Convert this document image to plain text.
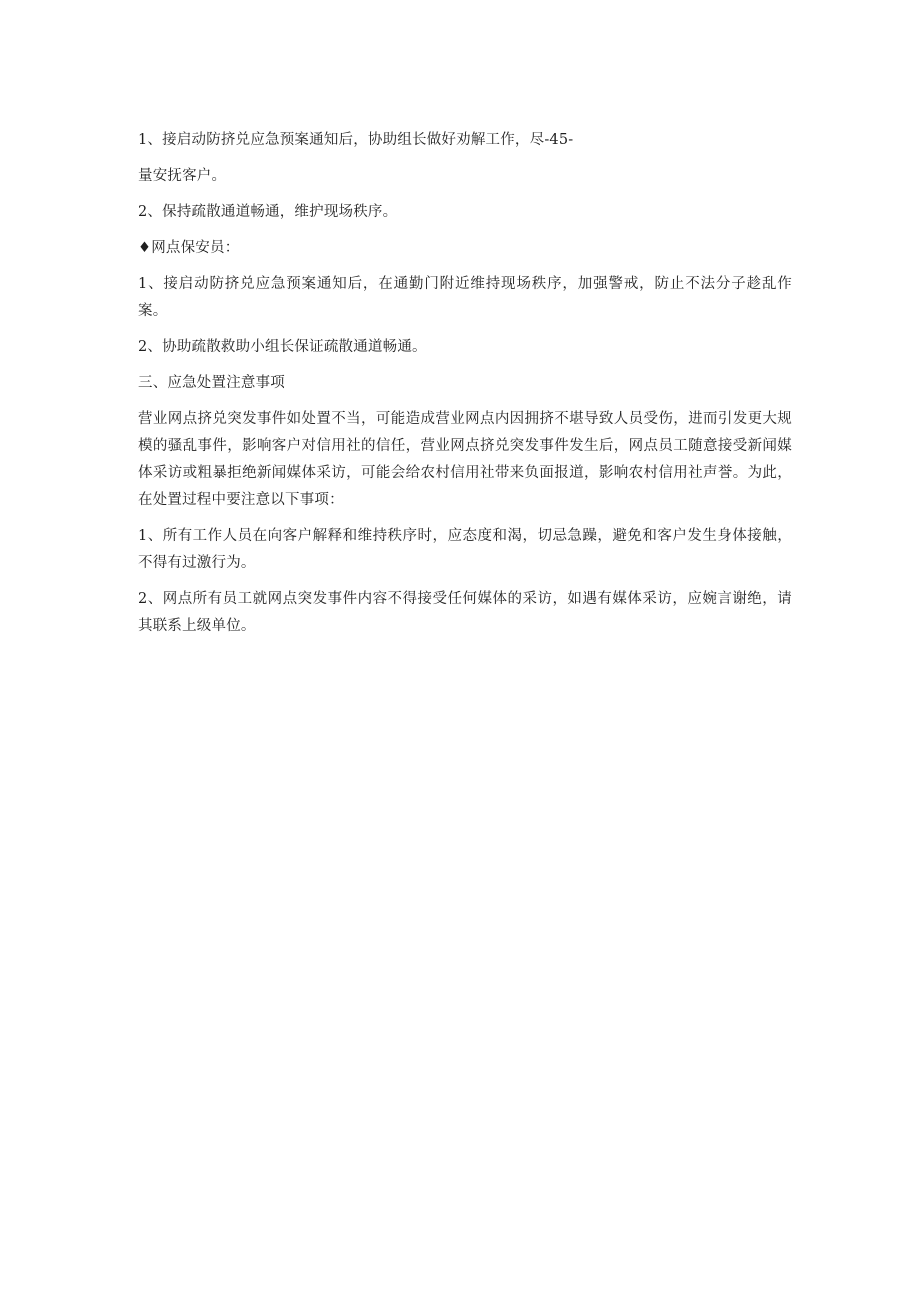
1、接启动防挤兑应急预案通知后，协助组长做好劝解工作，尽-45-

量安抚客户。

2、保持疏散通道畅通，维护现场秩序。

♦网点保安员：

1、接启动防挤兑应急预案通知后，在通勤门附近维持现场秩序，加强警戒，防止不法分子趁乱作案。

2、协助疏散救助小组长保证疏散通道畅通。

三、应急处置注意事项

营业网点挤兑突发事件如处置不当，可能造成营业网点内因拥挤不堪导致人员受伤，进而引发更大规模的骚乱事件，影响客户对信用社的信任，营业网点挤兑突发事件发生后，网点员工随意接受新闻媒体采访或粗暴拒绝新闻媒体采访，可能会给农村信用社带来负面报道，影响农村信用社声誉。为此，在处置过程中要注意以下事项：

1、所有工作人员在向客户解释和维持秩序时，应态度和渴，切忌急躁，避免和客户发生身体接触，不得有过激行为。

2、网点所有员工就网点突发事件内容不得接受任何媒体的采访，如遇有媒体采访，应婉言谢绝，请其联系上级单位。
